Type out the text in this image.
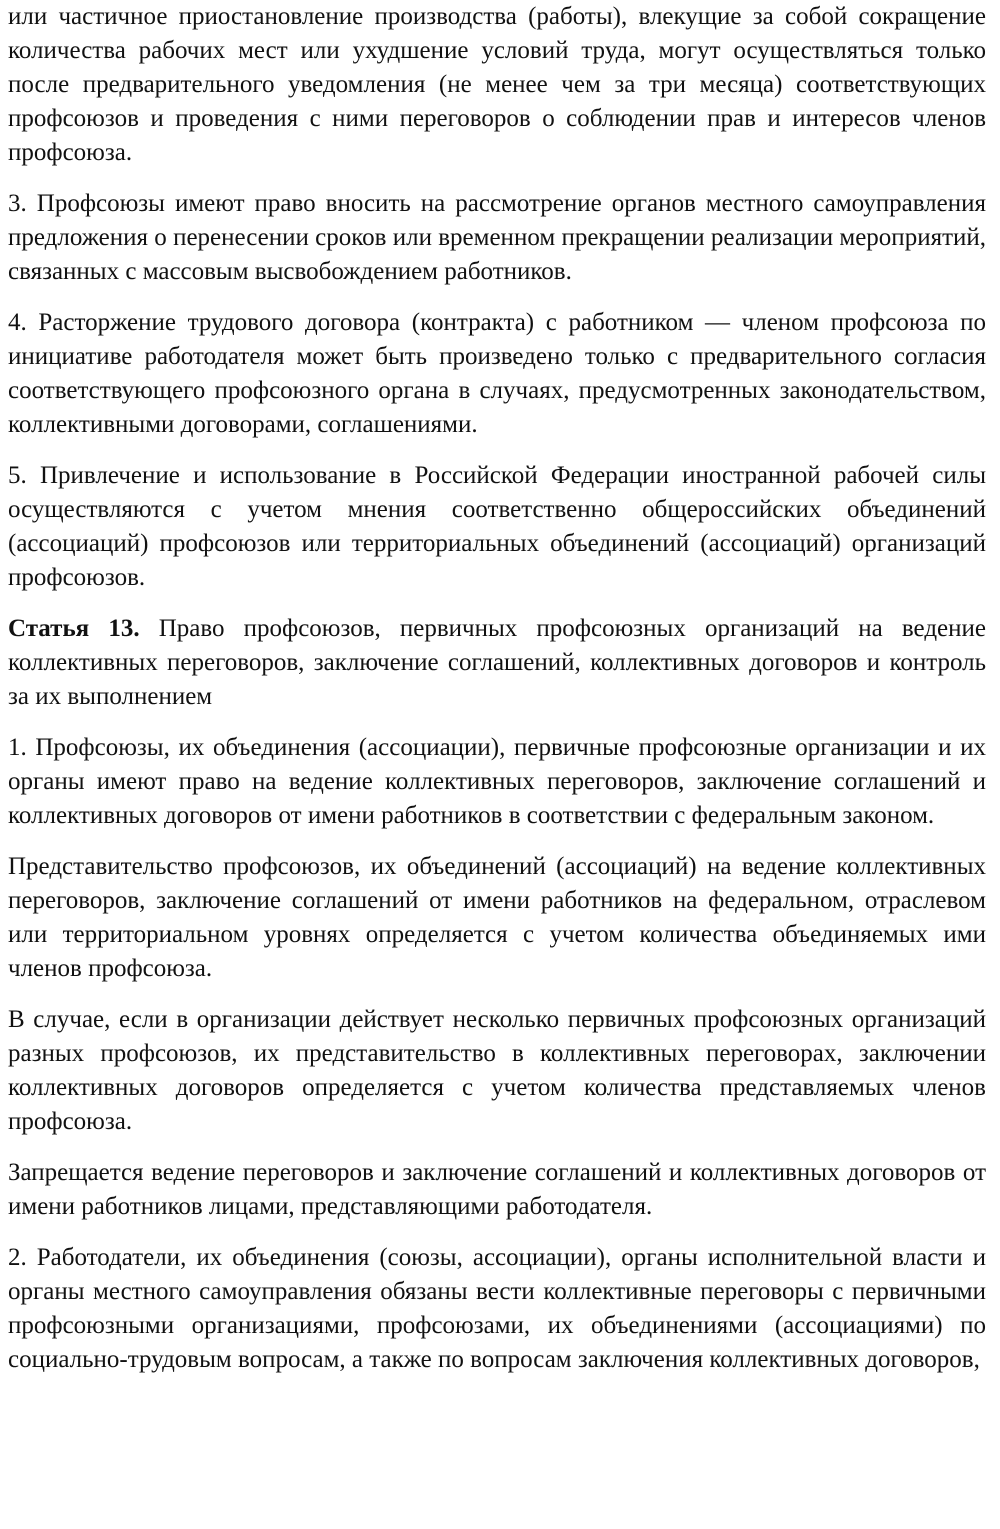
или частичное приостановление производства (работы), влекущие за собой сокращение количества рабочих мест или ухудшение условий труда, могут осуществляться только после предварительного уведомления (не менее чем за три месяца) соответствующих профсоюзов и проведения с ними переговоров о соблюдении прав и интересов членов профсоюза.

3. Профсоюзы имеют право вносить на рассмотрение органов местного самоуправления предложения о перенесении сроков или временном прекращении реализации мероприятий, связанных с массовым высвобождением работников.

4. Расторжение трудового договора (контракта) с работником — членом профсоюза по инициативе работодателя может быть произведено только с предварительного согласия соответствующего профсоюзного органа в случаях, предусмотренных законодательством, коллективными договорами, соглашениями.

5. Привлечение и использование в Российской Федерации иностранной рабочей силы осуществляются с учетом мнения соответственно общероссийских объединений (ассоциаций) профсоюзов или территориальных объединений (ассоциаций) организаций профсоюзов.

Статья 13. Право профсоюзов, первичных профсоюзных организаций на ведение коллективных переговоров, заключение соглашений, коллективных договоров и контроль за их выполнением

1. Профсоюзы, их объединения (ассоциации), первичные профсоюзные организации и их органы имеют право на ведение коллективных переговоров, заключение соглашений и коллективных договоров от имени работников в соответствии с федеральным законом.

Представительство профсоюзов, их объединений (ассоциаций) на ведение коллективных переговоров, заключение соглашений от имени работников на федеральном, отраслевом или территориальном уровнях определяется с учетом количества объединяемых ими членов профсоюза.

В случае, если в организации действует несколько первичных профсоюзных организаций разных профсоюзов, их представительство в коллективных переговорах, заключении коллективных договоров определяется с учетом количества представляемых членов профсоюза.

Запрещается ведение переговоров и заключение соглашений и коллективных договоров от имени работников лицами, представляющими работодателя.

2. Работодатели, их объединения (союзы, ассоциации), органы исполнительной власти и органы местного самоуправления обязаны вести коллективные переговоры с первичными профсоюзными организациями, профсоюзами, их объединениями (ассоциациями) по социально-трудовым вопросам, а также по вопросам заключения коллективных договоров,
